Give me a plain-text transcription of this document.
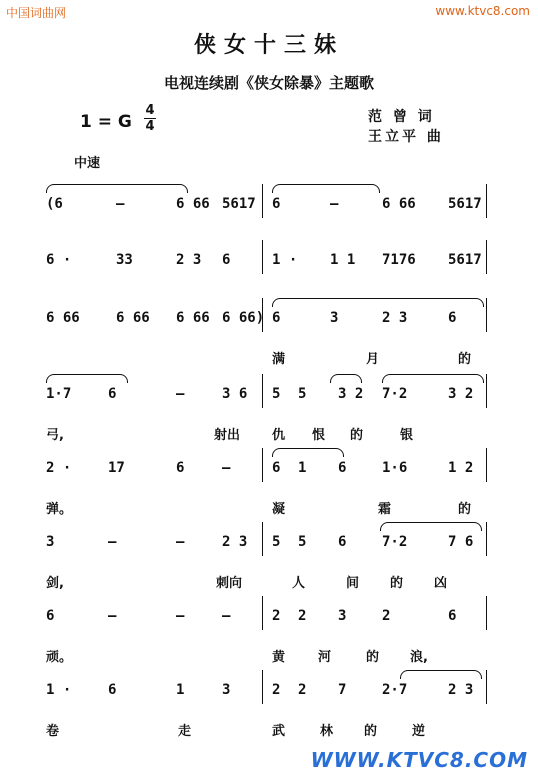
中国词曲网	www.ktvc8.com
侠女十三妹
电视连续剧《侠女除暴》主题歌
1 = G
4
4
范 曾 词
王立平 曲
中速
(6	—	6 66 5617 6	—	6 66 5617
6 ·	33	2 3 6	1 · 1 1 7176 5617
6 66	6 66 6 66 6 66) 6	3	2 3	6
满	月	的
1·7	6	—	3 6 5 5 3 2 7·2	3 2
弓,	射出 仇 恨 的	银
2 ·	17	6	—	6 1 6	1·6	1 2
弹。	凝	霜	的
3	—	—	2 3 5 5 6	7·2	7 6
剑,	刺向	人	间 的 凶
6	—	—	—	2 2 3	2	6
顽。	黄	河	的 浪,
1 ·	6	1	3	2 2 7	2·7	2 3
卷	走	武	林 的	逆
WWW.KTVC8.COM
